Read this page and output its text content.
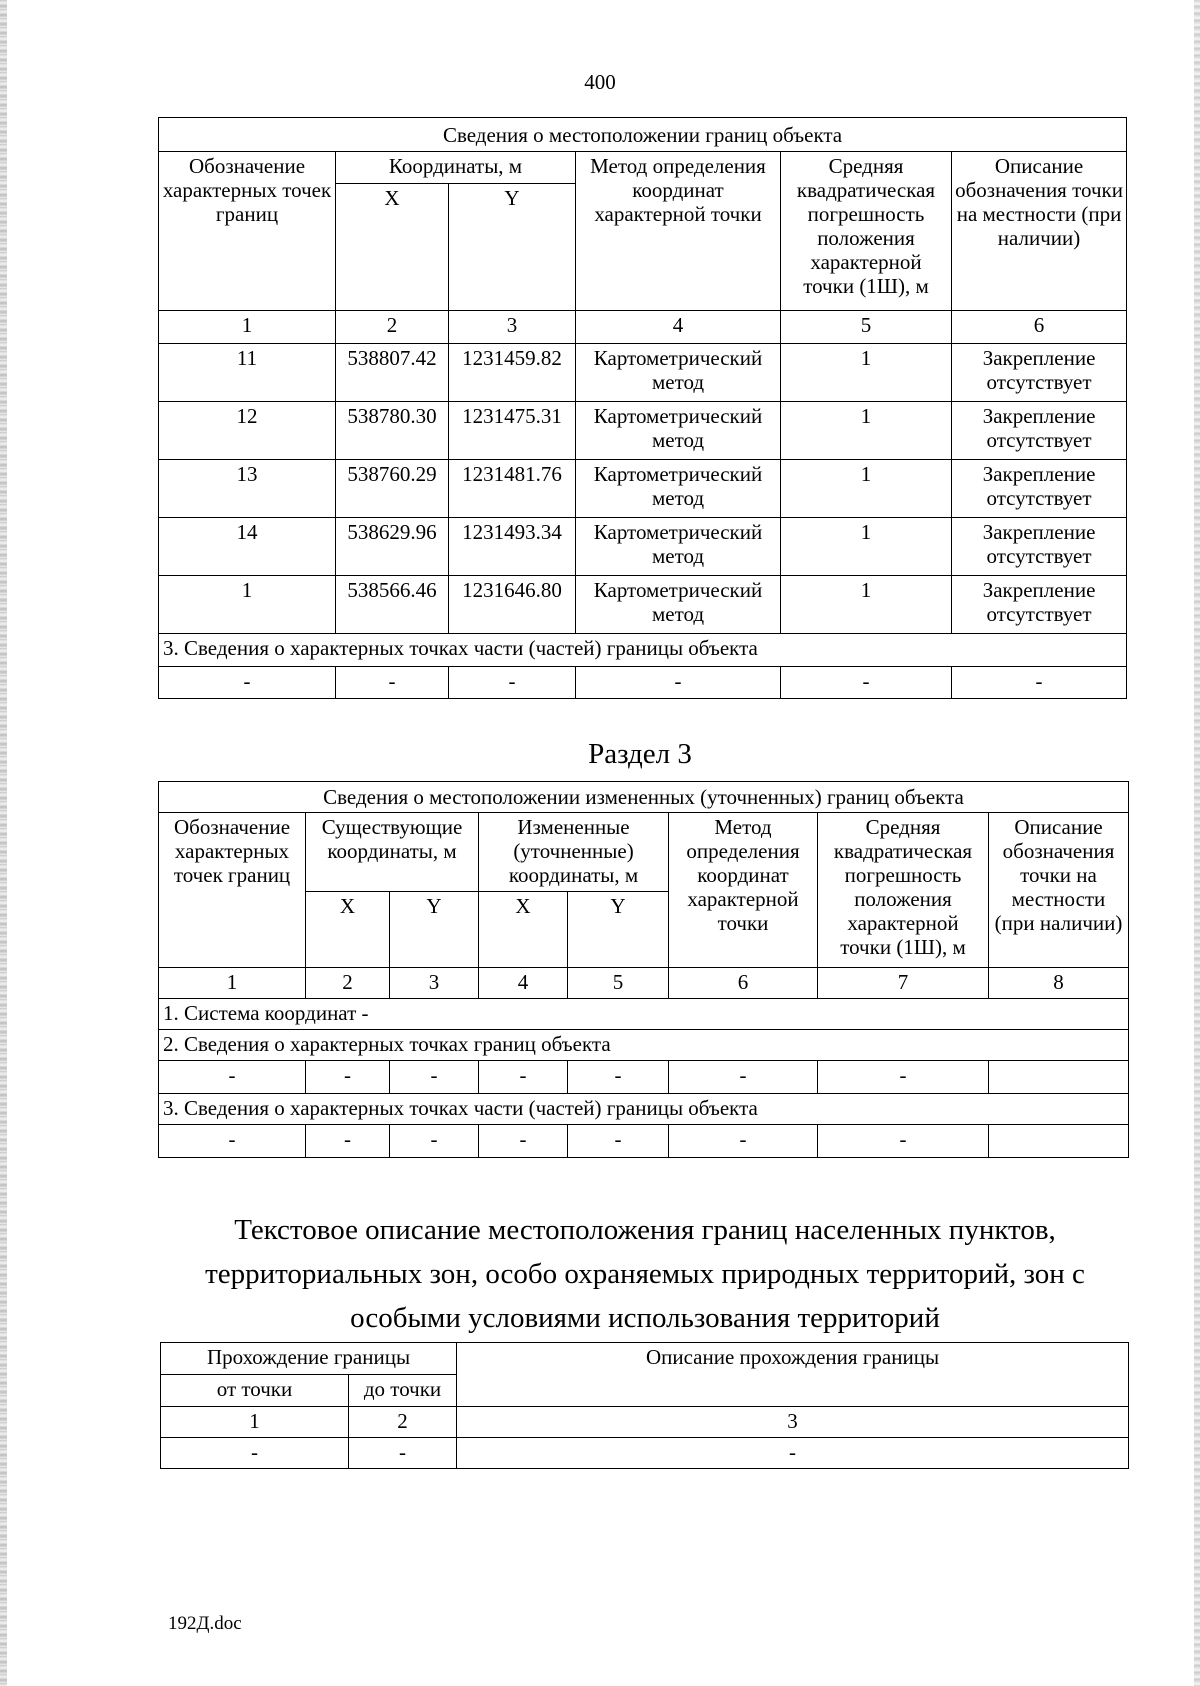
400
Сведения о местоположении границ объекта					
Обозначение характерных точек границ	Координаты, м		Метод определения координат характерной точки	Средняя квадратическая погрешность положения характерной точки (1Ш), м	Описание обозначения точки на местности (при наличии)
	X	Y			
1	2	3	4	5	6
11	538807.42	1231459.82	Картометрический метод	1	Закрепление отсутствует
12	538780.30	1231475.31	Картометрический метод	1	Закрепление отсутствует
13	538760.29	1231481.76	Картометрический метод	1	Закрепление отсутствует
14	538629.96	1231493.34	Картометрический метод	1	Закрепление отсутствует
1	538566.46	1231646.80	Картометрический метод	1	Закрепление отсутствует
3. Сведения о характерных точках части (частей) границы объекта					
-	-	-	-	-	-
Раздел 3
Сведения о местоположении измененных (уточненных) границ объекта							
Обозначение характерных точек границ	Существующие координаты, м		Измененные (уточненные) координаты, м		Метод определения координат характерной точки	Средняя квадратическая погрешность положения характерной точки (1Ш), м	Описание обозначения точки на местности (при наличии)
	X	Y	X	Y			
1	2	3	4	5	6	7	8
1. Система координат -							
2. Сведения о характерных точках границ объекта							
-	-	-	-	-	-	-	
3. Сведения о характерных точках части (частей) границы объекта							
-	-	-	-	-	-	-	
Текстовое описание местоположения границ населенных пунктов,
территориальных зон, особо охраняемых природных территорий, зон с
особыми условиями использования территорий
Прохождение границы		Описание прохождения границы
от точки	до точки	
1	2	3
-	-	-
192Д.doc
